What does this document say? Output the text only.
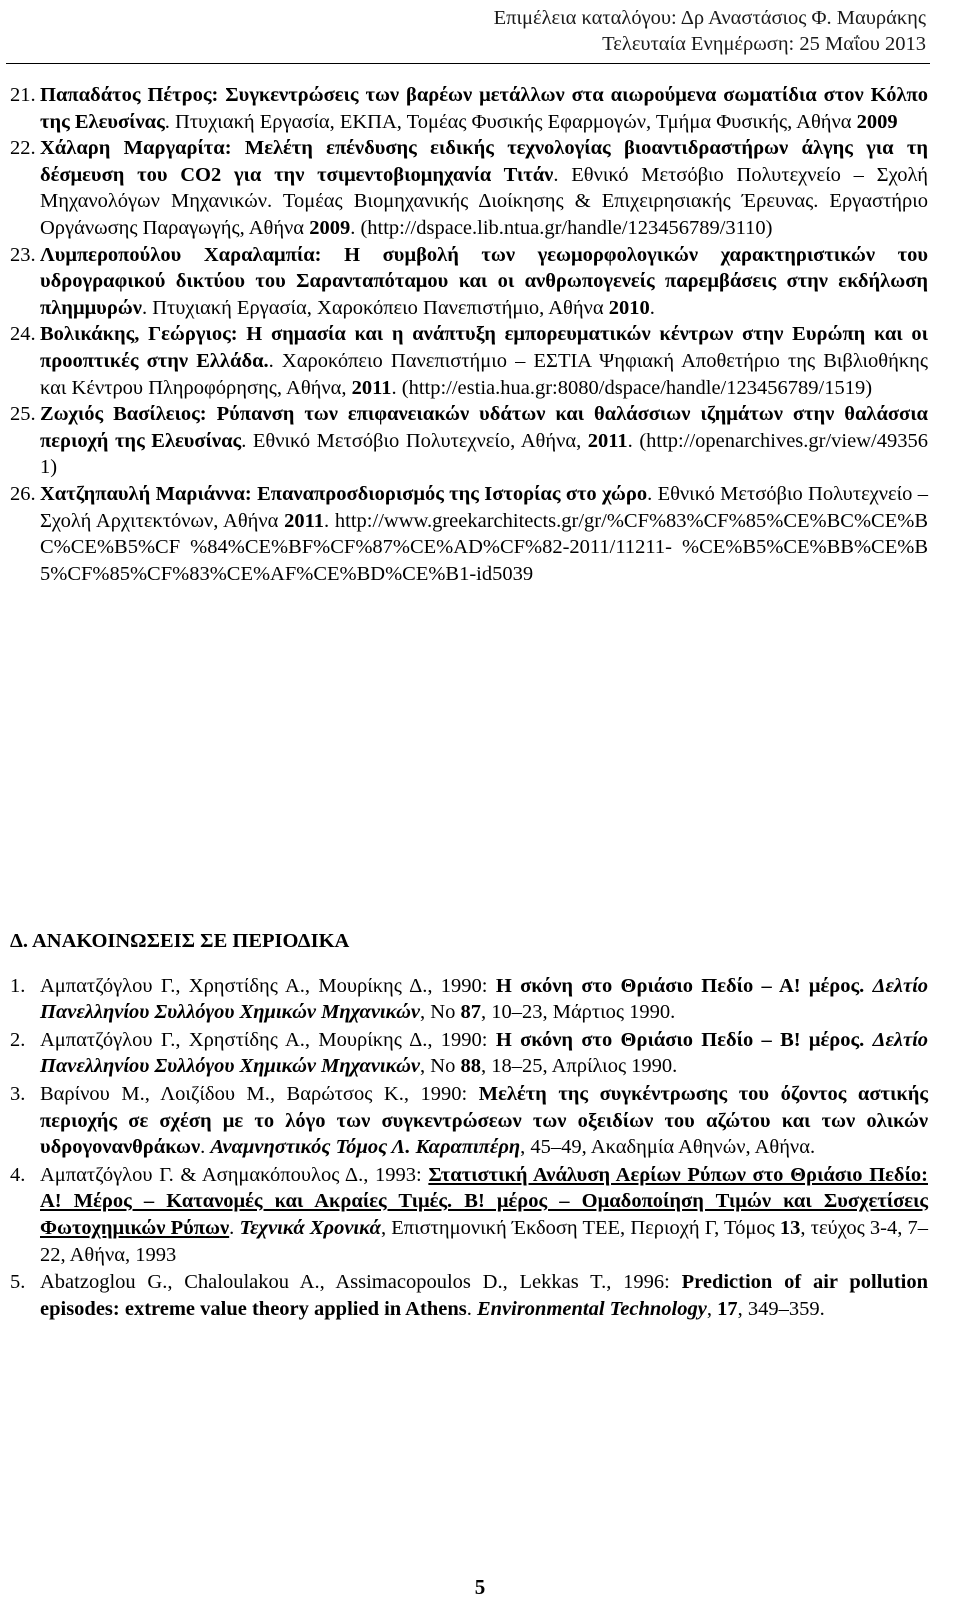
Επιμέλεια καταλόγου: Δρ Αναστάσιος Φ. Μαυράκης
Τελευταία Ενημέρωση: 25 Μαΐου 2013
21. Παπαδάτος Πέτρος: Συγκεντρώσεις των βαρέων μετάλλων στα αιωρούμενα σωματίδια στον Κόλπο της Ελευσίνας. Πτυχιακή Εργασία, ΕΚΠΑ, Τομέας Φυσικής Εφαρμογών, Τμήμα Φυσικής, Αθήνα 2009
22. Χάλαρη Μαργαρίτα: Μελέτη επένδυσης ειδικής τεχνολογίας βιοαντιδραστήρων άλγης για τη δέσμευση του CO2 για την τσιμεντοβιομηχανία Τιτάν. Εθνικό Μετσόβιο Πολυτεχνείο – Σχολή Μηχανολόγων Μηχανικών. Τομέας Βιομηχανικής Διοίκησης & Επιχειρησιακής Έρευνας. Εργαστήριο Οργάνωσης Παραγωγής, Αθήνα 2009. (http://dspace.lib.ntua.gr/handle/123456789/3110)
23. Λυμπεροπούλου Χαραλαμπία: Η συμβολή των γεωμορφολογικών χαρακτηριστικών του υδρογραφικού δικτύου του Σαρανταπόταμου και οι ανθρωπογενείς παρεμβάσεις στην εκδήλωση πλημμυρών. Πτυχιακή Εργασία, Χαροκόπειο Πανεπιστήμιο, Αθήνα 2010.
24. Βολικάκης, Γεώργιος: Η σημασία και η ανάπτυξη εμπορευματικών κέντρων στην Ευρώπη και οι προοπτικές στην Ελλάδα.. Χαροκόπειο Πανεπιστήμιο – ΕΣΤΙΑ Ψηφιακή Αποθετήριο της Βιβλιοθήκης και Κέντρου Πληροφόρησης, Αθήνα, 2011. (http://estia.hua.gr:8080/dspace/handle/123456789/1519)
25. Ζωχιός Βασίλειος: Ρύπανση των επιφανειακών υδάτων και θαλάσσιων ιζημάτων στην θαλάσσια περιοχή της Ελευσίνας. Εθνικό Μετσόβιο Πολυτεχνείο, Αθήνα, 2011. (http://openarchives.gr/view/493561)
26. Χατζηπαυλή Μαριάννα: Επαναπροσδιορισμός της Ιστορίας στο χώρο. Εθνικό Μετσόβιο Πολυτεχνείο – Σχολή Αρχιτεκτόνων, Αθήνα 2011. http://www.greekarchitects.gr/gr/%CF%83%CF%85%CE%BC%CE%BC%CE%B5%CF %84%CE%BF%CF%87%CE%AD%CF%82-2011/11211- %CE%B5%CE%BB%CE%B5%CF%85%CF%83%CE%AF%CE%BD%CE%B1-id5039
Δ. ΑΝΑΚΟΙΝΩΣΕΙΣ ΣΕ ΠΕΡΙΟΔΙΚΑ
1. Αμπατζόγλου Γ., Χρηστίδης Α., Μουρίκης Δ., 1990: Η σκόνη στο Θριάσιο Πεδίο – Α! μέρος. Δελτίο Πανελληνίου Συλλόγου Χημικών Μηχανικών, Νο 87, 10–23, Μάρτιος 1990.
2. Αμπατζόγλου Γ., Χρηστίδης Α., Μουρίκης Δ., 1990: Η σκόνη στο Θριάσιο Πεδίο – Β! μέρος. Δελτίο Πανελληνίου Συλλόγου Χημικών Μηχανικών, Νο 88, 18–25, Απρίλιος 1990.
3. Βαρίνου Μ., Λοιζίδου Μ., Βαρώτσος Κ., 1990: Μελέτη της συγκέντρωσης του όζοντος αστικής περιοχής σε σχέση με το λόγο των συγκεντρώσεων των οξειδίων του αζώτου και των ολικών υδρογονανθράκων. Αναμνηστικός Τόμος Λ. Καραπιπέρη, 45–49, Ακαδημία Αθηνών, Αθήνα.
4. Αμπατζόγλου Γ. & Ασημακόπουλος Δ., 1993: Στατιστική Ανάλυση Αερίων Ρύπων στο Θριάσιο Πεδίο: Α! Μέρος – Κατανομές και Ακραίες Τιμές. Β! μέρος – Ομαδοποίηση Τιμών και Συσχετίσεις Φωτοχημικών Ρύπων. Τεχνικά Χρονικά, Επιστημονική Έκδοση ΤΕΕ, Περιοχή Γ, Τόμος 13, τεύχος 3-4, 7–22, Αθήνα, 1993
5. Abatzoglou G., Chaloulakou A., Assimacopoulos D., Lekkas T., 1996: Prediction of air pollution episodes: extreme value theory applied in Athens. Environmental Technology, 17, 349–359.
5
